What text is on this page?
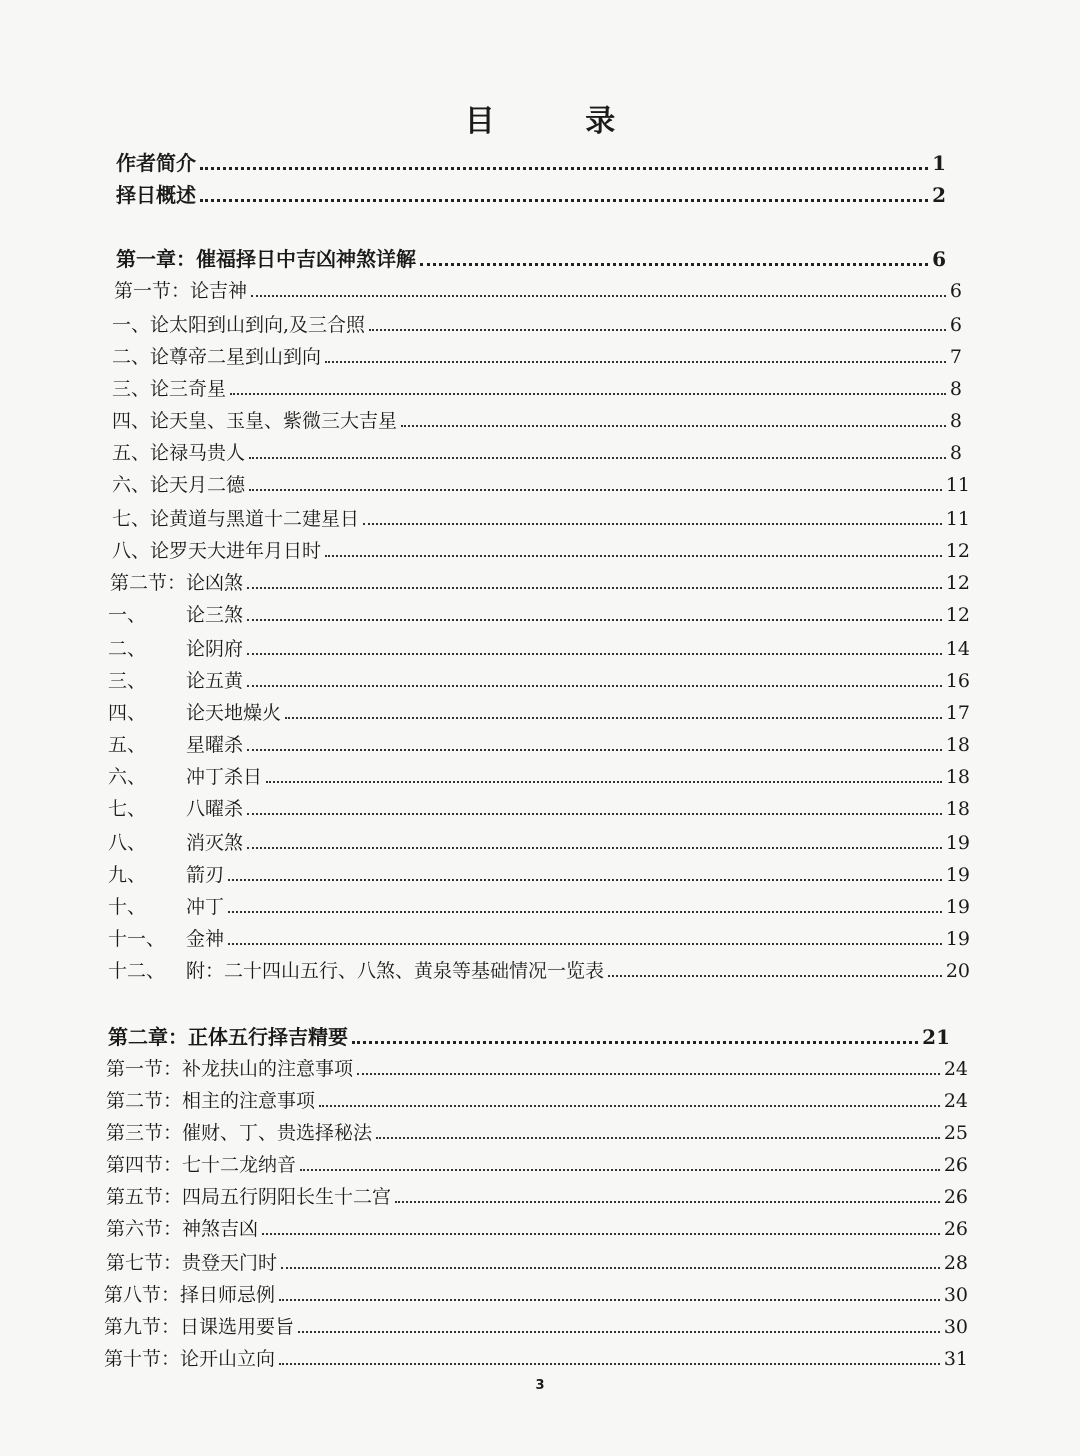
目 录
作者简介	1
择日概述	2
第一章：催福择日中吉凶神煞详解	6
第一节：论吉神	6
一、论太阳到山到向,及三合照	6
二、论尊帝二星到山到向	7
三、论三奇星	8
四、论天皇、玉皇、紫微三大吉星	8
五、论禄马贵人	8
六、论天月二德	11
七、论黄道与黑道十二建星日	11
八、论罗天大进年月日时	12
第二节：论凶煞	12
一、	论三煞	12
二、	论阴府	14
三、	论五黄	16
四、	论天地燥火	17
五、	星曜杀	18
六、	冲丁杀日	18
七、	八曜杀	18
八、	消灭煞	19
九、	箭刃	19
十、	冲丁	19
十一、	金神	19
十二、	附：二十四山五行、八煞、黄泉等基础情况一览表	20
第二章：正体五行择吉精要	21
第一节：补龙扶山的注意事项	24
第二节：相主的注意事项	24
第三节：催财、丁、贵选择秘法	25
第四节：七十二龙纳音	26
第五节：四局五行阴阳长生十二宫	26
第六节：神煞吉凶	26
第七节：贵登天门时	28
第八节：择日师忌例	30
第九节：日课选用要旨	30
第十节：论开山立向	31
3
